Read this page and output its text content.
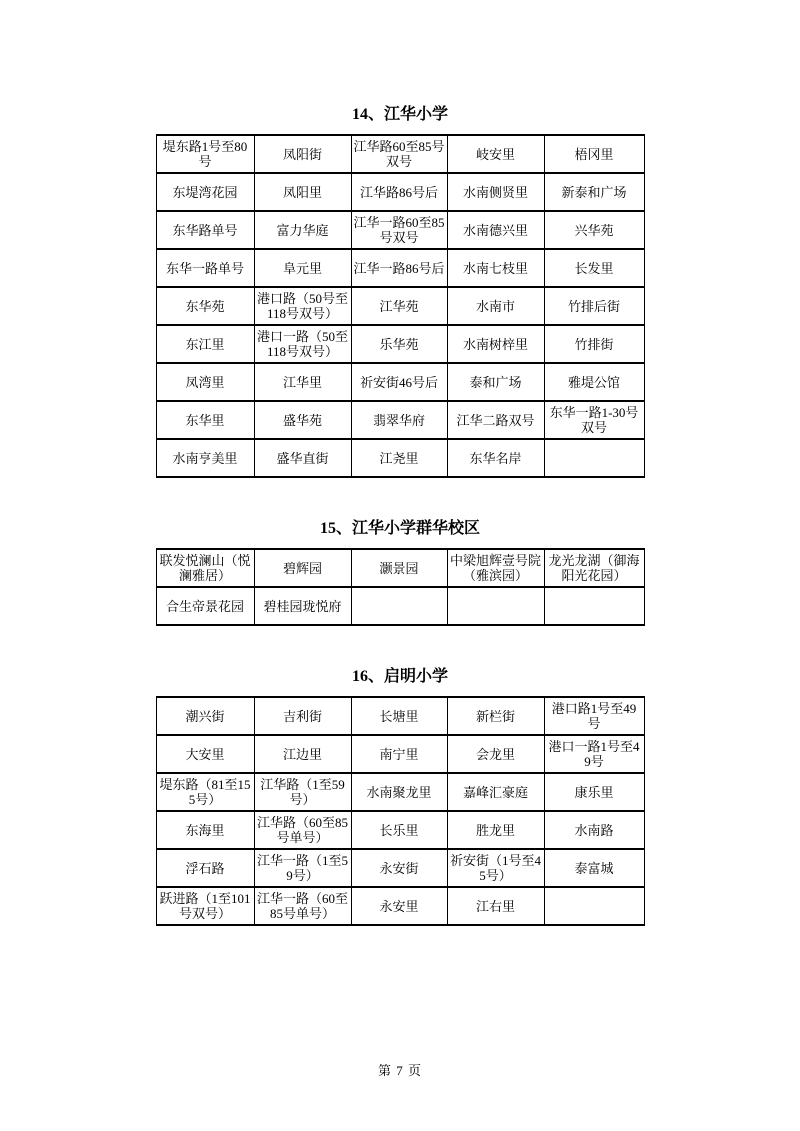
14、江华小学
堤东路1号至80号	凤阳街	江华路60至85号双号	岐安里	梧冈里
东堤湾花园	凤阳里	江华路86号后	水南侧贤里	新泰和广场
东华路单号	富力华庭	江华一路60至85号双号	水南德兴里	兴华苑
东华一路单号	阜元里	江华一路86号后	水南七枝里	长发里
东华苑	港口路（50号至118号双号）	江华苑	水南市	竹排后街
东江里	港口一路（50至118号双号）	乐华苑	水南树梓里	竹排街
凤湾里	江华里	祈安街46号后	泰和广场	雅堤公馆
东华里	盛华苑	翡翠华府	江华二路双号	东华一路1-30号双号
水南亨美里	盛华直街	江尧里	东华名岸	
15、江华小学群华校区
联发悦澜山（悦澜雅居）	碧辉园	灏景园	中梁旭辉壹号院（雅滨园）	龙光龙湖（御海阳光花园）
合生帝景花园	碧桂园珑悦府			
16、启明小学
潮兴街	吉利街	长塘里	新栏街	港口路1号至49号
大安里	江边里	南宁里	会龙里	港口一路1号至49号
堤东路（81至155号）	江华路（1至59号）	水南聚龙里	嘉峰汇豪庭	康乐里
东海里	江华路（60至85号单号）	长乐里	胜龙里	水南路
浮石路	江华一路（1至59号）	永安街	祈安街（1号至45号）	泰富城
跃进路（1至101号双号）	江华一路（60至85号单号）	永安里	江右里	
第 7 页
